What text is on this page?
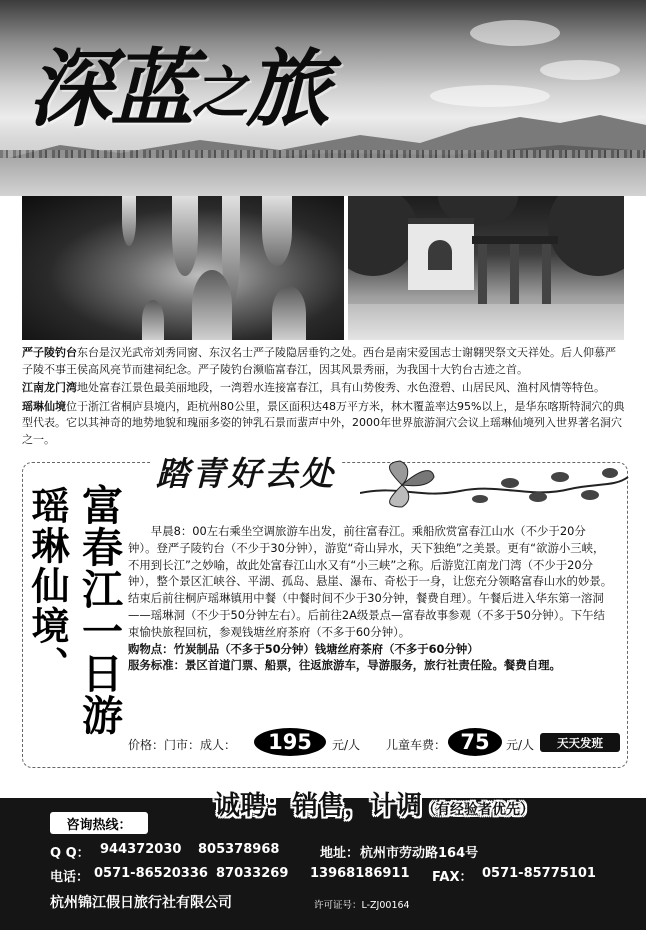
深蓝之旅

严子陵钓台东台是汉光武帝刘秀同窗、东汉名士严子陵隐居垂钓之处。西台是南宋爱国志士谢翱哭祭文天祥处。后人仰慕严子陵不事王侯高风亮节而建祠纪念。严子陵钓台濒临富春江，因其风景秀丽，为我国十大钓台古迹之首。

江南龙门湾地处富春江景色最美丽地段，一湾碧水连接富春江，具有山势俊秀、水色澄碧、山居民风、渔村风情等特色。

瑶琳仙境位于浙江省桐庐县境内，距杭州80公里，景区面积达48万平方米，林木覆盖率达95%以上，是华东喀斯特洞穴的典型代表。它以其神奇的地势地貌和瑰丽多姿的钟乳石景而蜚声中外，2000年世界旅游洞穴会议上瑶琳仙境列入世界著名洞穴之一。

瑶琳仙境、 富春江一日游
踏青好去处

早晨8：00左右乘坐空调旅游车出发，前往富春江。乘船欣赏富春江山水（不少于20分钟）。登严子陵钓台（不少于30分钟），游览“奇山异水，天下独绝”之美景。更有“欲游小三峡，不用到长江”之妙喻，故此处富春江山水又有“小三峡”之称。后游览江南龙门湾（不少于20分钟），整个景区汇峡谷、平湖、孤岛、悬崖、瀑布、奇松于一身，让您充分领略富春山水的妙景。结束后前往桐庐瑶琳镇用中餐（中餐时间不少于30分钟，餐费自理）。午餐后进入华东第一溶洞——瑶琳洞（不少于50分钟左右）。后前往2A级景点—富春故事参观（不多于50分钟）。下午结束愉快旅程回杭，参观钱塘丝府茶府（不多于60分钟）。

购物点：竹炭制品（不多于50分钟）钱塘丝府茶府（不多于60分钟）

服务标准：景区首道门票、船票，往返旅游车，导游服务，旅行社责任险。餐费自理。

价格：门市：成人：	195	元/人 儿童车费： 75	元/人	天天发班
诚聘：销售，计调（有经验者优先）
咨询热线：
Q Q： 944372030 805378968	地址： 杭州市劳动路164号
电话： 0571-86520336 87033269 13968186911 FAX： 0571-85775101
杭州锦江假日旅行社有限公司	许可证号：L-ZJ00164
